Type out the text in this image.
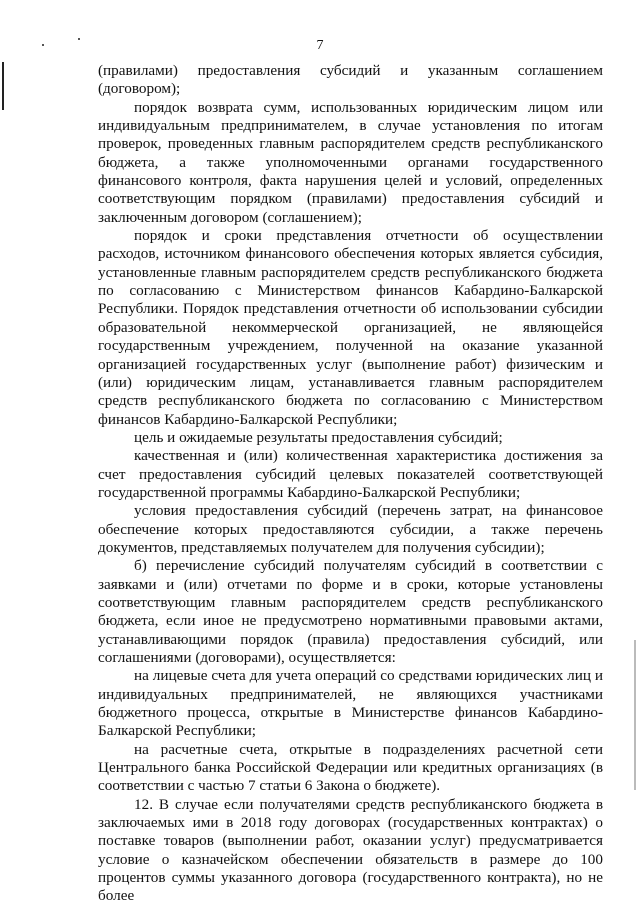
7

(правилами) предоставления субсидий и указанным соглашением (договором);

порядок возврата сумм, использованных юридическим лицом или индивидуальным предпринимателем, в случае установления по итогам проверок, проведенных главным распорядителем средств республиканского бюджета, а также уполномоченными органами государственного финансового контроля, факта нарушения целей и условий, определенных соответствующим порядком (правилами) предоставления субсидий и заключенным договором (соглашением);

порядок и сроки представления отчетности об осуществлении расходов, источником финансового обеспечения которых является субсидия, установленные главным распорядителем средств республиканского бюджета по согласованию с Министерством финансов Кабардино-Балкарской Республики. Порядок представления отчетности об использовании субсидии образовательной некоммерческой организацией, не являющейся государственным учреждением, полученной на оказание указанной организацией государственных услуг (выполнение работ) физическим и (или) юридическим лицам, устанавливается главным распорядителем средств республиканского бюджета по согласованию с Министерством финансов Кабардино-Балкарской Республики;

цель и ожидаемые результаты предоставления субсидий;

качественная и (или) количественная характеристика достижения за счет предоставления субсидий целевых показателей соответствующей государственной программы Кабардино-Балкарской Республики;

условия предоставления субсидий (перечень затрат, на финансовое обеспечение которых предоставляются субсидии, а также перечень документов, представляемых получателем для получения субсидии);

б) перечисление субсидий получателям субсидий в соответствии с заявками и (или) отчетами по форме и в сроки, которые установлены соответствующим главным распорядителем средств республиканского бюджета, если иное не предусмотрено нормативными правовыми актами, устанавливающими порядок (правила) предоставления субсидий, или соглашениями (договорами), осуществляется:

на лицевые счета для учета операций со средствами юридических лиц и индивидуальных предпринимателей, не являющихся участниками бюджетного процесса, открытые в Министерстве финансов Кабардино-Балкарской Республики;

на расчетные счета, открытые в подразделениях расчетной сети Центрального банка Российской Федерации или кредитных организациях (в соответствии с частью 7 статьи 6 Закона о бюджете).

12. В случае если получателями средств республиканского бюджета в заключаемых ими в 2018 году договорах (государственных контрактах) о поставке товаров (выполнении работ, оказании услуг) предусматривается условие о казначейском обеспечении обязательств в размере до 100 процентов суммы указанного договора (государственного контракта), но не более
